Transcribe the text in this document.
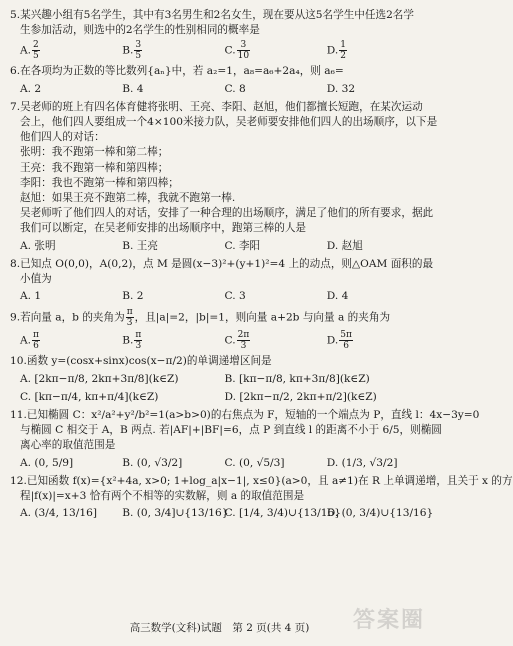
5.某兴趣小组有5名学生，其中有3名男生和2名女生，现在要从这5名学生中任选2名学
生参加活动，则选中的2名学生的性别相同的概率是
A. $\frac{2}{5}$	B. $\frac{3}{5}$	C. $\frac{3}{10}$	D. $\frac{1}{2}$
6.在各项均为正数的等比数列{aₙ}中，若 a₂=1，a₈=a₆+2a₄，则 a₆=
A. 2	B. 4	C. 8	D. 32
7.吴老师的班上有四名体育健将张明、王亮、李阳、赵旭，他们都擅长短跑，在某次运动
会上，他们四人要组成一个4×100米接力队，吴老师要安排他们四人的出场顺序，以下是
他们四人的对话：
张明：我不跑第一棒和第二棒；
王亮：我不跑第一棒和第四棒；
李阳：我也不跑第一棒和第四棒；
赵旭：如果王亮不跑第二棒，我就不跑第一棒.
吴老师听了他们四人的对话，安排了一种合理的出场顺序，满足了他们的所有要求，据此
我们可以断定，在吴老师安排的出场顺序中，跑第三棒的人是
A. 张明	B. 王亮	C. 李阳	D. 赵旭
8.已知点 O(0,0)，A(0,2)，点 M 是圆(x−3)²+(y+1)²=4 上的动点，则△OAM 面积的最
小值为
A. 1	B. 2	C. 3	D. 4
9.若向量 a，b 的夹角为 $\frac{\pi}{3}$ ，且|a|=2，|b|=1，则向量 a+2b 与向量 a 的夹角为
A. $\frac{\pi}{6}$	B. $\frac{\pi}{3}$	C. $\frac{2\pi}{3}$	D. $\frac{5\pi}{6}$
10.函数 y=(cosx+sinx)cos(x−π/2)的单调递增区间是
A. [2kπ−π/8, 2kπ+3π/8](k∈Z)	B. [kπ−π/8, kπ+3π/8](k∈Z)
C. [kπ−π/4, kπ+π/4](k∈Z)	D. [2kπ−π/2, 2kπ+π/2](k∈Z)
11.已知椭圆 C：x²/a²+y²/b²=1(a>b>0)的右焦点为 F，短轴的一个端点为 P，直线 l：4x−3y=0
与椭圆 C 相交于 A，B 两点. 若|AF|+|BF|=6，点 P 到直线 l 的距离不小于 6/5，则椭圆
离心率的取值范围是
A. (0, 5/9]	B. (0, √3/2]	C. (0, √5/3]	D. (1/3, √3/2]
12.已知函数 f(x)={x²+4a, x>0; 1+log_a|x−1|, x≤0}(a>0，且 a≠1)在 R 上单调递增，且关于 x 的方
程|f(x)|=x+3 恰有两个不相等的实数解，则 a 的取值范围是
A. (3/4, 13/16]	B. (0, 3/4]∪{13/16}
C. [1/4, 3/4)∪{13/16}
D. (0, 3/4)∪{13/16}
答案圈
高三数学(文科)试题　第 2 页(共 4 页)
